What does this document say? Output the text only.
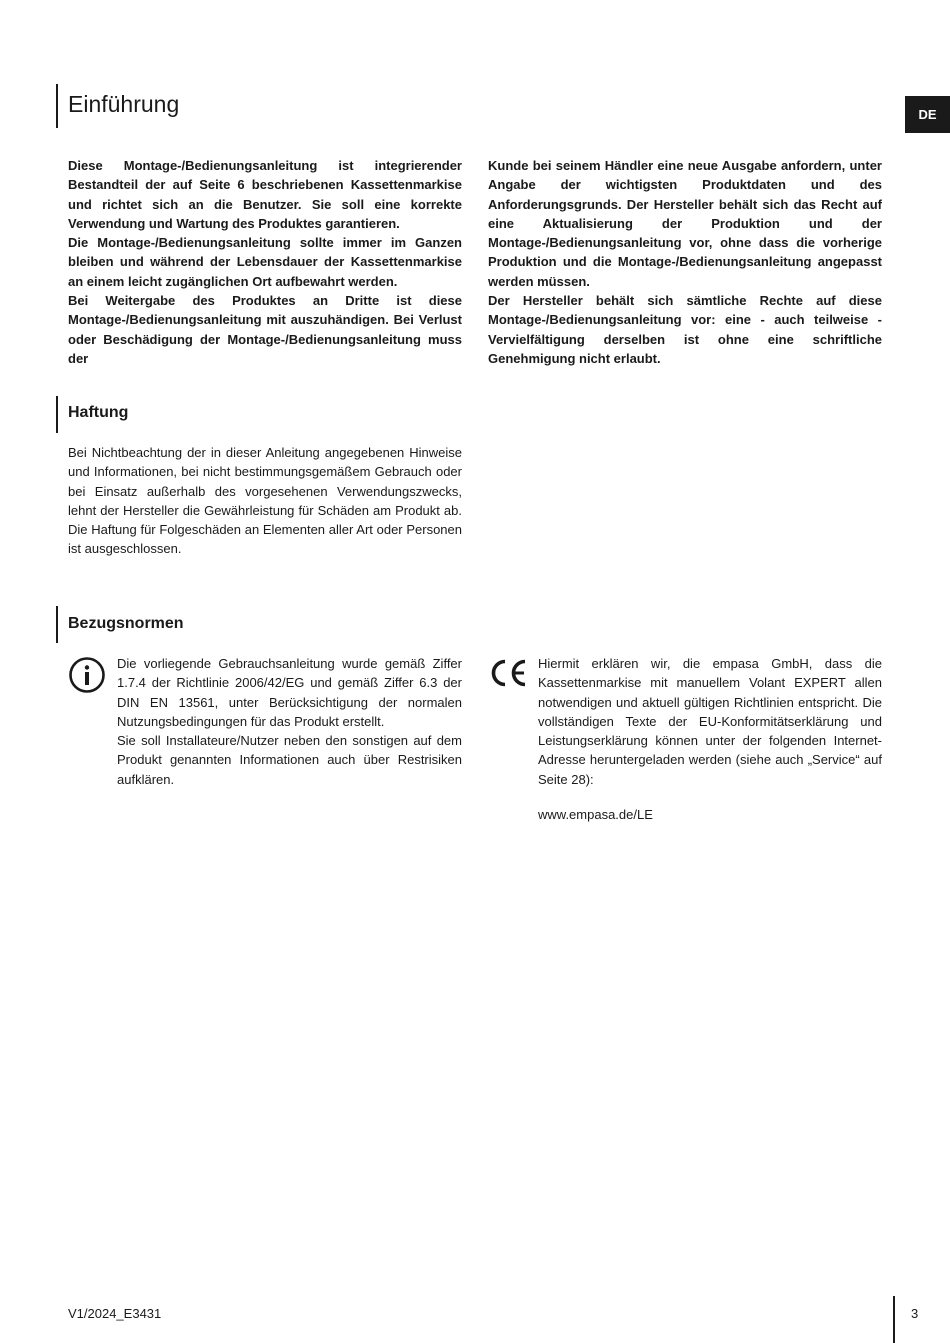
Einführung	DE

Diese Montage-/Bedienungsanleitung ist integrierender Bestandteil der auf Seite 6 beschriebenen Kassettenmarkise und richtet sich an die Benutzer. Sie soll eine korrekte Verwendung und Wartung des Produktes garantieren.

Die Montage-/Bedienungsanleitung sollte immer im Ganzen bleiben und während der Lebensdauer der Kassettenmarkise an einem leicht zugänglichen Ort aufbewahrt werden.

Bei Weitergabe des Produktes an Dritte ist diese Montage-/Bedienungsanleitung mit auszuhändigen. Bei Verlust oder Beschädigung der Montage-/Bedienungsanleitung muss der

Kunde bei seinem Händler eine neue Ausgabe anfordern, unter Angabe der wichtigsten Produktdaten und des Anforderungsgrunds. Der Hersteller behält sich das Recht auf eine Aktualisierung der Produktion und der Montage-/Bedienungsanleitung vor, ohne dass die vorherige Produktion und die Montage-/Bedienungsanleitung angepasst werden müssen.

Der Hersteller behält sich sämtliche Rechte auf diese Montage-/Bedienungsanleitung vor: eine - auch teilweise - Vervielfältigung derselben ist ohne eine schriftliche Genehmigung nicht erlaubt.

Haftung

Bei Nichtbeachtung der in dieser Anleitung angegebenen Hinweise und Informationen, bei nicht bestimmungsgemäßem Gebrauch oder bei Einsatz außerhalb des vorgesehenen Verwendungszwecks, lehnt der Hersteller die Gewährleistung für Schäden am Produkt ab. Die Haftung für Folgeschäden an Elementen aller Art oder Personen ist ausgeschlossen.

Bezugsnormen

Die vorliegende Gebrauchsanleitung wurde gemäß Ziffer 1.7.4 der Richtlinie 2006/42/EG und gemäß Ziffer 6.3 der DIN EN 13561, unter Berücksichtigung der normalen Nutzungsbedingungen für das Produkt erstellt.

Sie soll Installateure/Nutzer neben den sonstigen auf dem Produkt genannten Informationen auch über Restrisiken aufklären.

Hiermit erklären wir, die empasa GmbH, dass die Kassettenmarkise mit manuellem Volant EXPERT allen notwendigen und aktuell gültigen Richtlinien entspricht. Die vollständigen Texte der EU-Konformitätserklärung und Leistungserklärung können unter der folgenden Internet-Adresse heruntergeladen werden (siehe auch „Service“ auf Seite 28):

www.empasa.de/LE
V1/2024_E3431	3
